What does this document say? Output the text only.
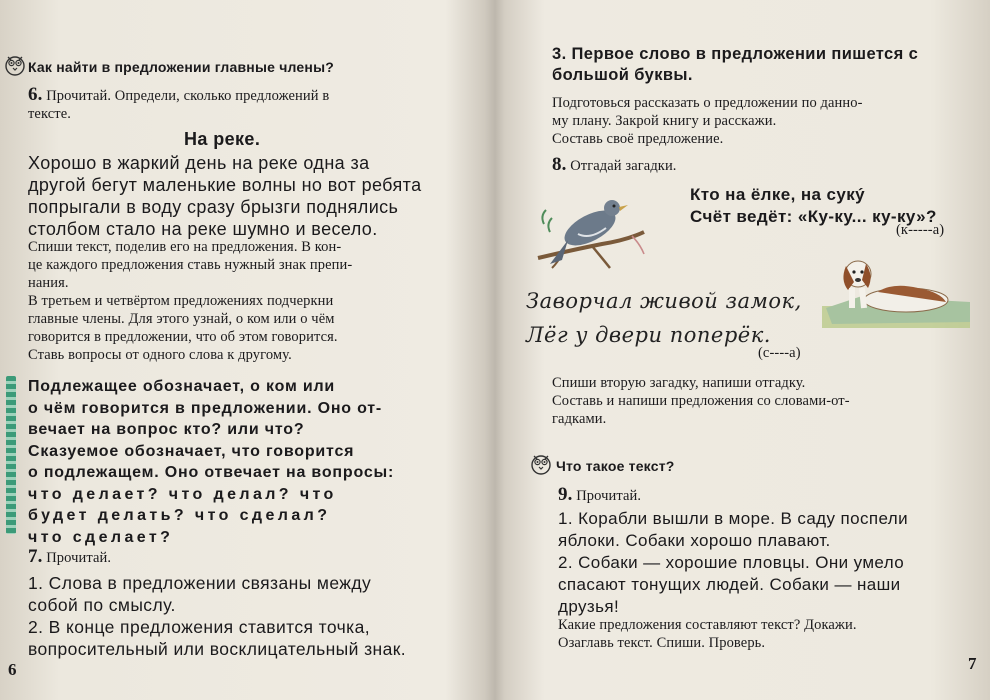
Как найти в предложении главные члены?
6. Прочитай. Определи, сколько предложений в
тексте.
На реке.
Хорошо в жаркий день на реке одна за
другой бегут маленькие волны но вот ребята
попрыгали в воду сразу брызги поднялись
столбом стало на реке шумно и весело.
Спиши текст, поделив его на предложения. В кон-
це каждого предложения ставь нужный знак препи-
нания.
В третьем и четвёртом предложениях подчеркни
главные члены. Для этого узнай, о ком или о чём
говорится в предложении, что об этом говорится.
Ставь вопросы от одного слова к другому.
Подлежащее обозначает, о ком или
о чём говорится в предложении. Оно от-
вечает на вопрос кто? или что?
Сказуемое обозначает, что говорится
о подлежащем. Оно отвечает на вопросы:
что делает? что делал? что
будет делать? что сделал?
что сделает?
7. Прочитай.
1. Слова в предложении связаны между
собой по смыслу.
2. В конце предложения ставится точка,
вопросительный или восклицательный знак.
6
3. Первое слово в предложении пишется с
большой буквы.
Подготовься рассказать о предложении по данно-
му плану. Закрой книгу и расскажи.
Составь своё предложение.
8. Отгадай загадки.
Кто на ёлке, на сукý
Счёт ведёт: «Ку-ку... ку-ку»?
(к-----а)
Заворчал живой замок,
Лёг у двери поперёк.
(с----а)
Спиши вторую загадку, напиши отгадку.
Составь и напиши предложения со словами-от-
гадками.
Что такое текст?
9. Прочитай.
1. Корабли вышли в море. В саду поспели
яблоки. Собаки хорошо плавают.
2. Собаки — хорошие пловцы. Они умело
спасают тонущих людей. Собаки — наши
друзья!
Какие предложения составляют текст? Докажи.
Озаглавь текст. Спиши. Проверь.
7
